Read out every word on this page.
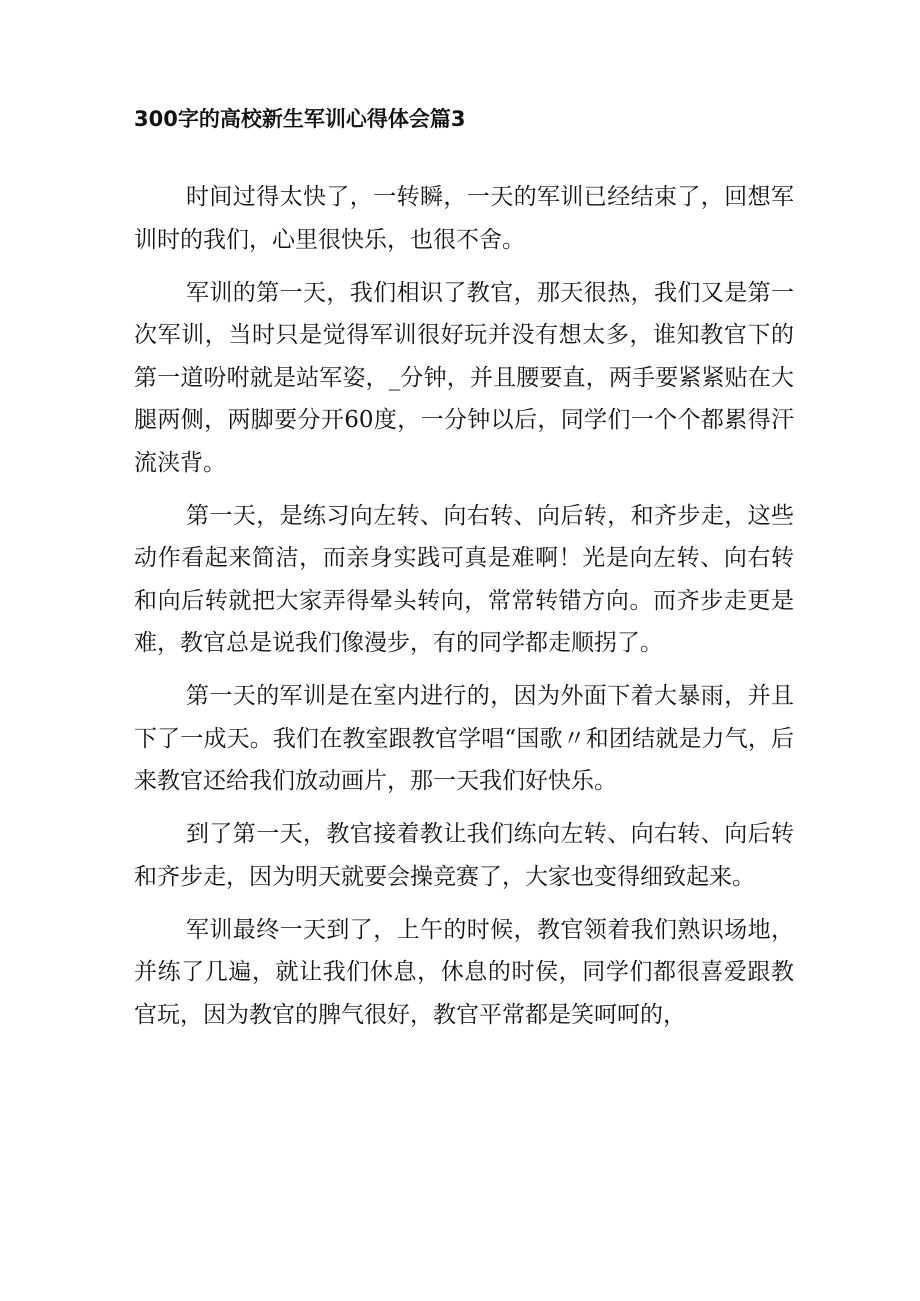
300字的高校新生军训心得体会篇3

时间过得太快了，一转瞬，一天的军训已经结束了，回想军训时的我们，心里很快乐，也很不舍。

军训的第一天，我们相识了教官，那天很热，我们又是第一次军训，当时只是觉得军训很好玩并没有想太多，谁知教官下的第一道吩咐就是站军姿，_分钟，并且腰要直，两手要紧紧贴在大腿两侧，两脚要分开60度，一分钟以后，同学们一个个都累得汗流浃背。

第一天，是练习向左转、向右转、向后转，和齐步走，这些动作看起来简洁，而亲身实践可真是难啊！光是向左转、向右转和向后转就把大家弄得晕头转向，常常转错方向。而齐步走更是难，教官总是说我们像漫步，有的同学都走顺拐了。

第一天的军训是在室内进行的，因为外面下着大暴雨，并且下了一成天。我们在教室跟教官学唱“国歌〃和团结就是力气，后来教官还给我们放动画片，那一天我们好快乐。

到了第一天，教官接着教让我们练向左转、向右转、向后转和齐步走，因为明天就要会操竞赛了，大家也变得细致起来。

军训最终一天到了，上午的时候，教官领着我们熟识场地，并练了几遍，就让我们休息，休息的时侯，同学们都很喜爱跟教官玩，因为教官的脾气很好，教官平常都是笑呵呵的，
